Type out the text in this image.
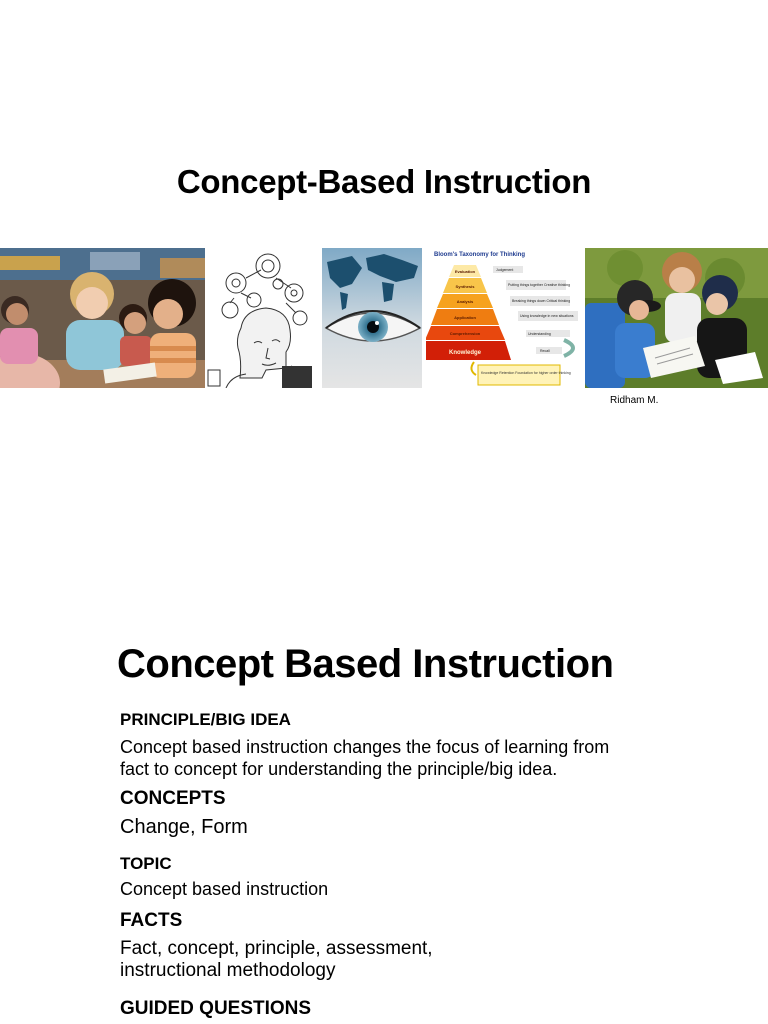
Concept-Based Instruction
Bloom's Taxonomy for Thinking
Evaluation
Synthesis
Analysis
Application
Comprehension
Knowledge
Judgement
Putting things together Creative thinking
Breaking things down Critical thinking
Using knowledge in new situations
Understanding
Recall
Knowledge Retention Foundation for higher order thinking
Ridham M.
Concept Based Instruction
PRINCIPLE/BIG IDEA
Concept based instruction changes the focus of learning from
fact to concept for understanding the principle/big idea.
CONCEPTS
Change, Form
TOPIC
Concept based instruction
FACTS
Fact, concept, principle, assessment,
instructional methodology
GUIDED QUESTIONS
